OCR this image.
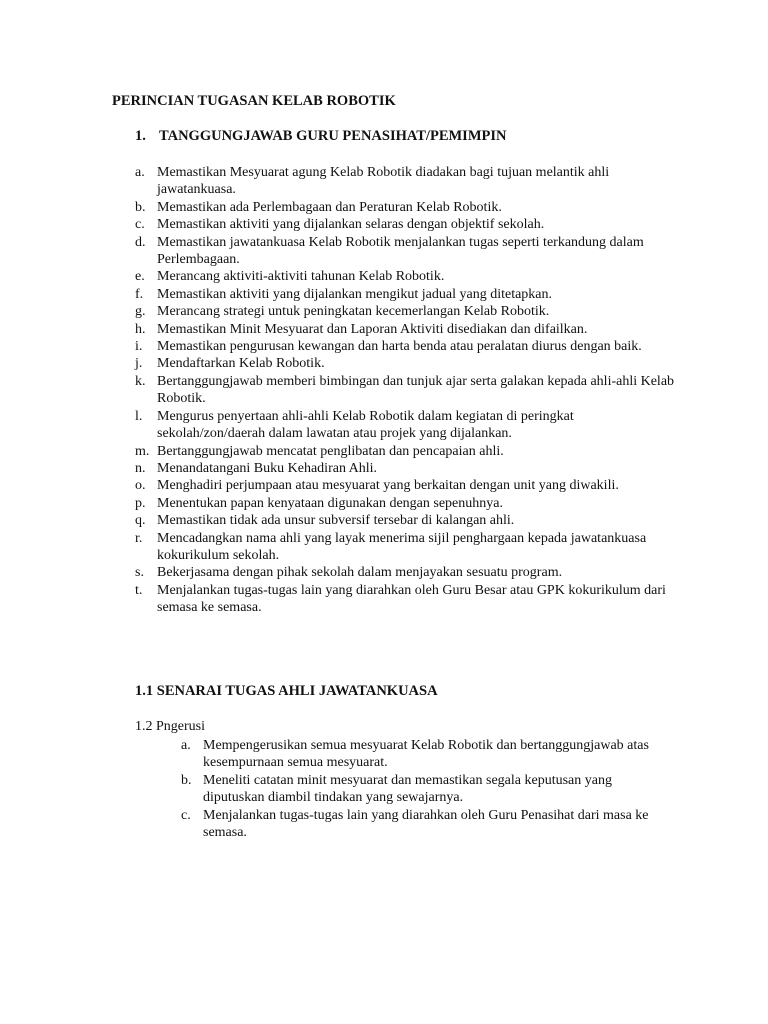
PERINCIAN TUGASAN KELAB ROBOTIK
1. TANGGUNGJAWAB GURU PENASIHAT/PEMIMPIN
a. Memastikan Mesyuarat agung Kelab Robotik diadakan bagi tujuan melantik ahli jawatankuasa.
b. Memastikan ada Perlembagaan dan Peraturan Kelab Robotik.
c. Memastikan aktiviti yang dijalankan selaras dengan objektif sekolah.
d. Memastikan jawatankuasa Kelab Robotik menjalankan tugas seperti terkandung dalam Perlembagaan.
e. Merancang aktiviti-aktiviti tahunan Kelab Robotik.
f. Memastikan aktiviti yang dijalankan mengikut jadual yang ditetapkan.
g. Merancang strategi untuk peningkatan kecemerlangan Kelab Robotik.
h. Memastikan Minit Mesyuarat dan Laporan Aktiviti disediakan dan difailkan.
i. Memastikan pengurusan kewangan dan harta benda atau peralatan diurus dengan baik.
j. Mendaftarkan Kelab Robotik.
k. Bertanggungjawab memberi bimbingan dan tunjuk ajar serta galakan kepada ahli-ahli Kelab Robotik.
l. Mengurus penyertaan ahli-ahli Kelab Robotik dalam kegiatan di peringkat sekolah/zon/daerah dalam lawatan atau projek yang dijalankan.
m. Bertanggungjawab mencatat penglibatan dan pencapaian ahli.
n. Menandatangani Buku Kehadiran Ahli.
o. Menghadiri perjumpaan atau mesyuarat yang berkaitan dengan unit yang diwakili.
p. Menentukan papan kenyataan digunakan dengan sepenuhnya.
q. Memastikan tidak ada unsur subversif tersebar di kalangan ahli.
r. Mencadangkan nama ahli yang layak menerima sijil penghargaan kepada jawatankuasa kokurikulum sekolah.
s. Bekerjasama dengan pihak sekolah dalam menjayakan sesuatu program.
t. Menjalankan tugas-tugas lain yang diarahkan oleh Guru Besar atau GPK kokurikulum dari semasa ke semasa.
1.1 SENARAI TUGAS AHLI JAWATANKUASA
1.2 Pngerusi
a. Mempengerusikan semua mesyuarat Kelab Robotik dan bertanggungjawab atas kesempurnaan semua mesyuarat.
b. Meneliti catatan minit mesyuarat dan memastikan segala keputusan yang diputuskan diambil tindakan yang sewajarnya.
c. Menjalankan tugas-tugas lain yang diarahkan oleh Guru Penasihat dari masa ke semasa.
